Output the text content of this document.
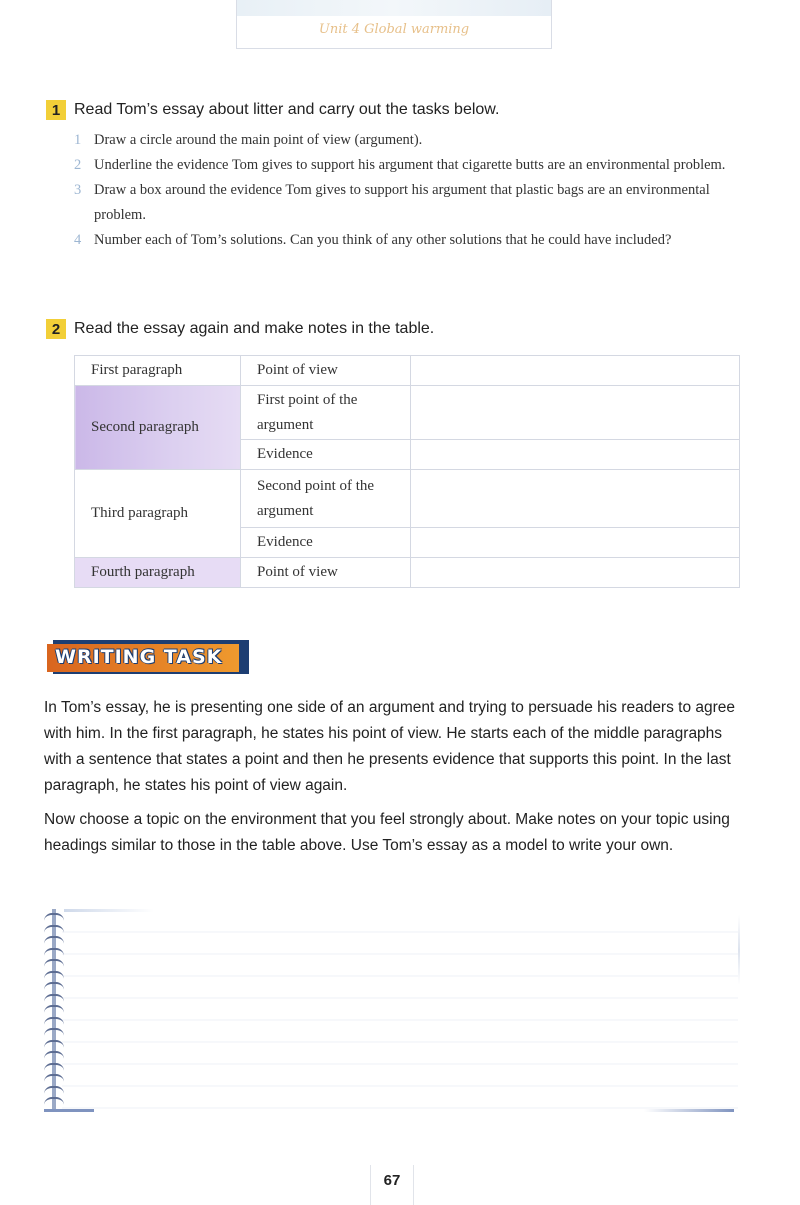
Unit 4 Global warming
1 Read Tom’s essay about litter and carry out the tasks below.
1 Draw a circle around the main point of view (argument).
2 Underline the evidence Tom gives to support his argument that cigarette butts are an environmental problem.
3 Draw a box around the evidence Tom gives to support his argument that plastic bags are an environmental problem.
4 Number each of Tom’s solutions. Can you think of any other solutions that he could have included?
2 Read the essay again and make notes in the table.
First paragraph	Point of view	
Second paragraph	First point of the argument	
	Evidence	
Third paragraph	Second point of the argument	
	Evidence	
Fourth paragraph	Point of view	
WRITING TASK
In Tom’s essay, he is presenting one side of an argument and trying to persuade his readers to agree with him. In the first paragraph, he states his point of view. He starts each of the middle paragraphs with a sentence that states a point and then he presents evidence that supports this point. In the last paragraph, he states his point of view again.
Now choose a topic on the environment that you feel strongly about. Make notes on your topic using headings similar to those in the table above. Use Tom’s essay as a model to write your own.
67
